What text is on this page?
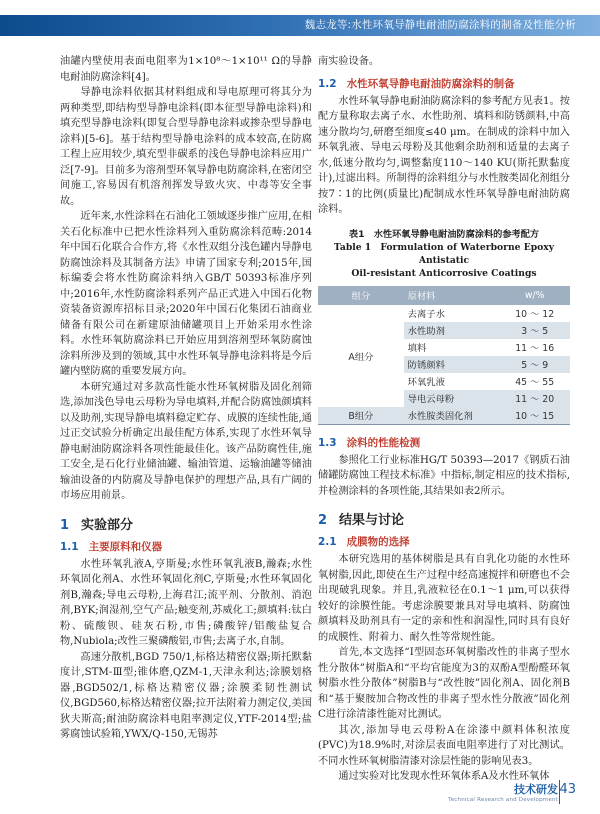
魏志龙等:水性环氧导静电耐油防腐涂料的制备及性能分析

油罐内壁使用表面电阻率为1×10⁸～1×10¹¹ Ω的导静电耐油防腐涂料[4]。

导静电涂料依据其材料组成和导电原理可将其分为两种类型,即结构型导静电涂料(即本征型导静电涂料)和填充型导静电涂料(即复合型导静电涂料或掺杂型导静电涂料)[5-6]。基于结构型导静电涂料的成本较高,在防腐工程上应用较少,填充型非碳系的浅色导静电涂料应用广泛[7-9]。目前多为溶剂型环氧导静电防腐涂料,在密闭空间施工,容易因有机溶剂挥发导致火灾、中毒等安全事故。

近年来,水性涂料在石油化工领域逐步推广应用,在相关石化标准中已把水性涂料列入重防腐涂料范畴:2014年中国石化联合合作方,将《水性双组分浅色罐内导静电防腐蚀涂料及其制备方法》申请了国家专利;2015年,国标编委会将水性防腐涂料纳入GB/T 50393标准序列中;2016年,水性防腐涂料系列产品正式进入中国石化物资装备资源库招标目录;2020年中国石化集团石油商业储备有限公司在新建原油储罐项目上开始采用水性涂料。水性环氧防腐涂料已开始应用到溶剂型环氧防腐蚀涂料所涉及到的领域,其中水性环氧导静电涂料将是今后罐内壁防腐的重要发展方向。

本研究通过对多款高性能水性环氧树脂及固化剂筛选,添加浅色导电云母粉为导电填料,并配合防腐蚀颜填料以及助剂,实现导静电填料稳定贮存、成膜的连续性能,通过正交试验分析确定出最佳配方体系,实现了水性环氧导静电耐油防腐涂料各项性能最佳化。该产品防腐性佳,施工安全,是石化行业储油罐、输油管道、运输油罐等储油输油设备的内防腐及导静电保护的理想产品,具有广阔的市场应用前景。

1 实验部分
1.1 主要原料和仪器

水性环氧乳液A,亨斯曼;水性环氧乳液B,瀚森;水性环氧固化剂A、水性环氧固化剂C,亨斯曼;水性环氧固化剂B,瀚森;导电云母粉,上海君江;流平剂、分散剂、消泡剂,BYK;润湿剂,空气产品;触变剂,苏威化工;颜填料:钛白粉、硫酸钡、硅灰石粉,市售;磷酸锌/铝酸盐复合物,Nubiola;改性三聚磷酸铝,市售;去离子水,自制。

高速分散机,BGD 750/1,标格达精密仪器;斯托默黏度计,STM-Ⅲ型;锥体磨,QZM-1,天津永利达;涂膜划格器,BGD502/1,标格达精密仪器;涂膜柔韧性测试仪,BGD560,标格达精密仪器;拉开法附着力测定仪,美国狄夫斯高;耐油防腐涂料电阻率测定仪,YTF-2014型;盐雾腐蚀试验箱,YWX/Q-150,无锡苏

南实验设备。

1.2 水性环氧导静电耐油防腐涂料的制备

水性环氧导静电耐油防腐涂料的参考配方见表1。按配方量称取去离子水、水性助剂、填料和防锈颜料,中高速分散均匀,研磨至细度≤40 μm。在制成的涂料中加入环氧乳液、导电云母粉及其他剩余助剂和适量的去离子水,低速分散均匀,调整黏度110～140 KU(斯托默黏度计),过滤出料。所制得的涂料组分与水性胺类固化剂组分按7∶1的比例(质量比)配制成水性环氧导静电耐油防腐涂料。

表1　水性环氧导静电耐油防腐涂料的参考配方
Table 1　Formulation of Waterborne Epoxy Antistatic
Oil-resistant Anticorrosive Coatings
组分	原材料	w/%
A组分	去离子水	10 ～ 12
	水性助剂	3 ～ 5
	填料	11 ～ 16
	防锈颜料	5 ～ 9
	环氧乳液	45 ～ 55
	导电云母粉	11 ～ 20
B组分	水性胺类固化剂	10 ～ 15
1.3 涂料的性能检测

参照化工行业标准HG/T 50393—2017《钢质石油储罐防腐蚀工程技术标准》中指标,制定相应的技术指标,并检测涂料的各项性能,其结果如表2所示。

2 结果与讨论
2.1 成膜物的选择

本研究选用的基体树脂是具有自乳化功能的水性环氧树脂,因此,即使在生产过程中经高速搅拌和研磨也不会出现破乳现象。并且,乳液粒径在0.1～1 μm,可以获得较好的涂膜性能。考虑涂膜要兼具对导电填料、防腐蚀颜填料及助剂具有一定的亲和性和润湿性,同时具有良好的成膜性、附着力、耐久性等常规性能。

首先,本文选择“Ⅰ型固态环氧树脂改性的非离子型水性分散体”树脂A和“平均官能度为3的双酚A型酚醛环氧树脂水性分散体”树脂B与“改性胺”固化剂A、固化剂B和“基于聚胺加合物改性的非离子型水性分散液”固化剂C进行涂清漆性能对比测试。

其次,添加导电云母粉A在涂漆中颜料体积浓度(PVC)为18.9%时,对涂层表面电阻率进行了对比测试。不同水性环氧树脂清漆对涂层性能的影响见表3。

通过实验对比发现水性环氧体系A及水性环氧体

技术研发
Technical Research and Development
43
